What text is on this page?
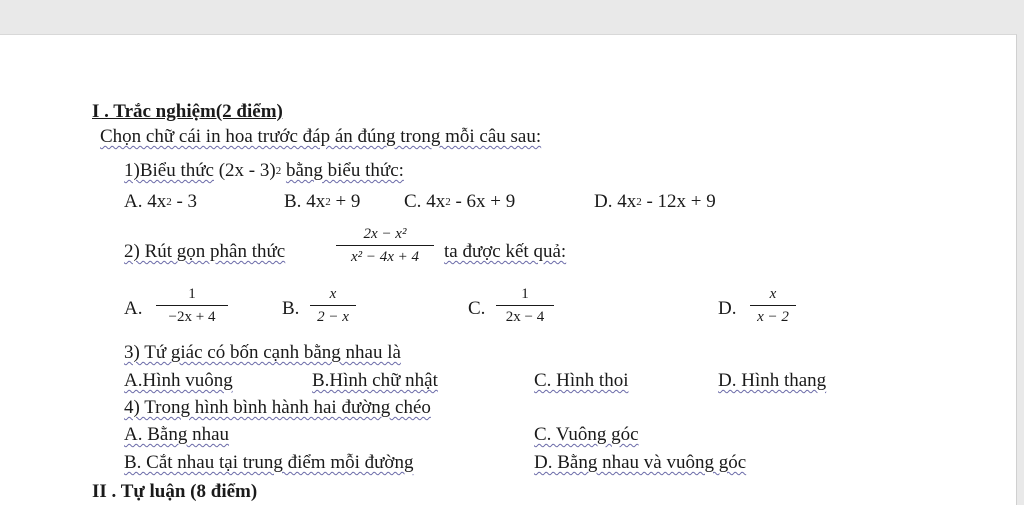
I . Trắc nghiệm(2 điểm)
Chọn chữ cái in hoa trước đáp án đúng trong mỗi câu sau:
1)Biểu thức (2x - 3)$^2$ bằng biểu thức:
A. $4x^2 - 3$	B. $4x^2 + 9$ C. $4x^2 - 6x + 9$	D. $4x^2 - 12x + 9$
2) Rút gọn phân thức
2x − x²
x² − 4x + 4	ta được kết quả:
A.
1
−2x + 4	B.
x
2 − x	C.
1
2x − 4	D.
x
x − 2
3) Tứ giác có bốn cạnh bằng nhau là
A.Hình vuông	B.Hình chữ nhật	C. Hình thoi	D. Hình thang
4) Trong hình bình hành hai đường chéo
A. Bằng nhau	C. Vuông góc
B. Cắt nhau tại trung điểm mỗi đường	D. Bằng nhau và vuông góc
II . Tự luận (8 điểm)
